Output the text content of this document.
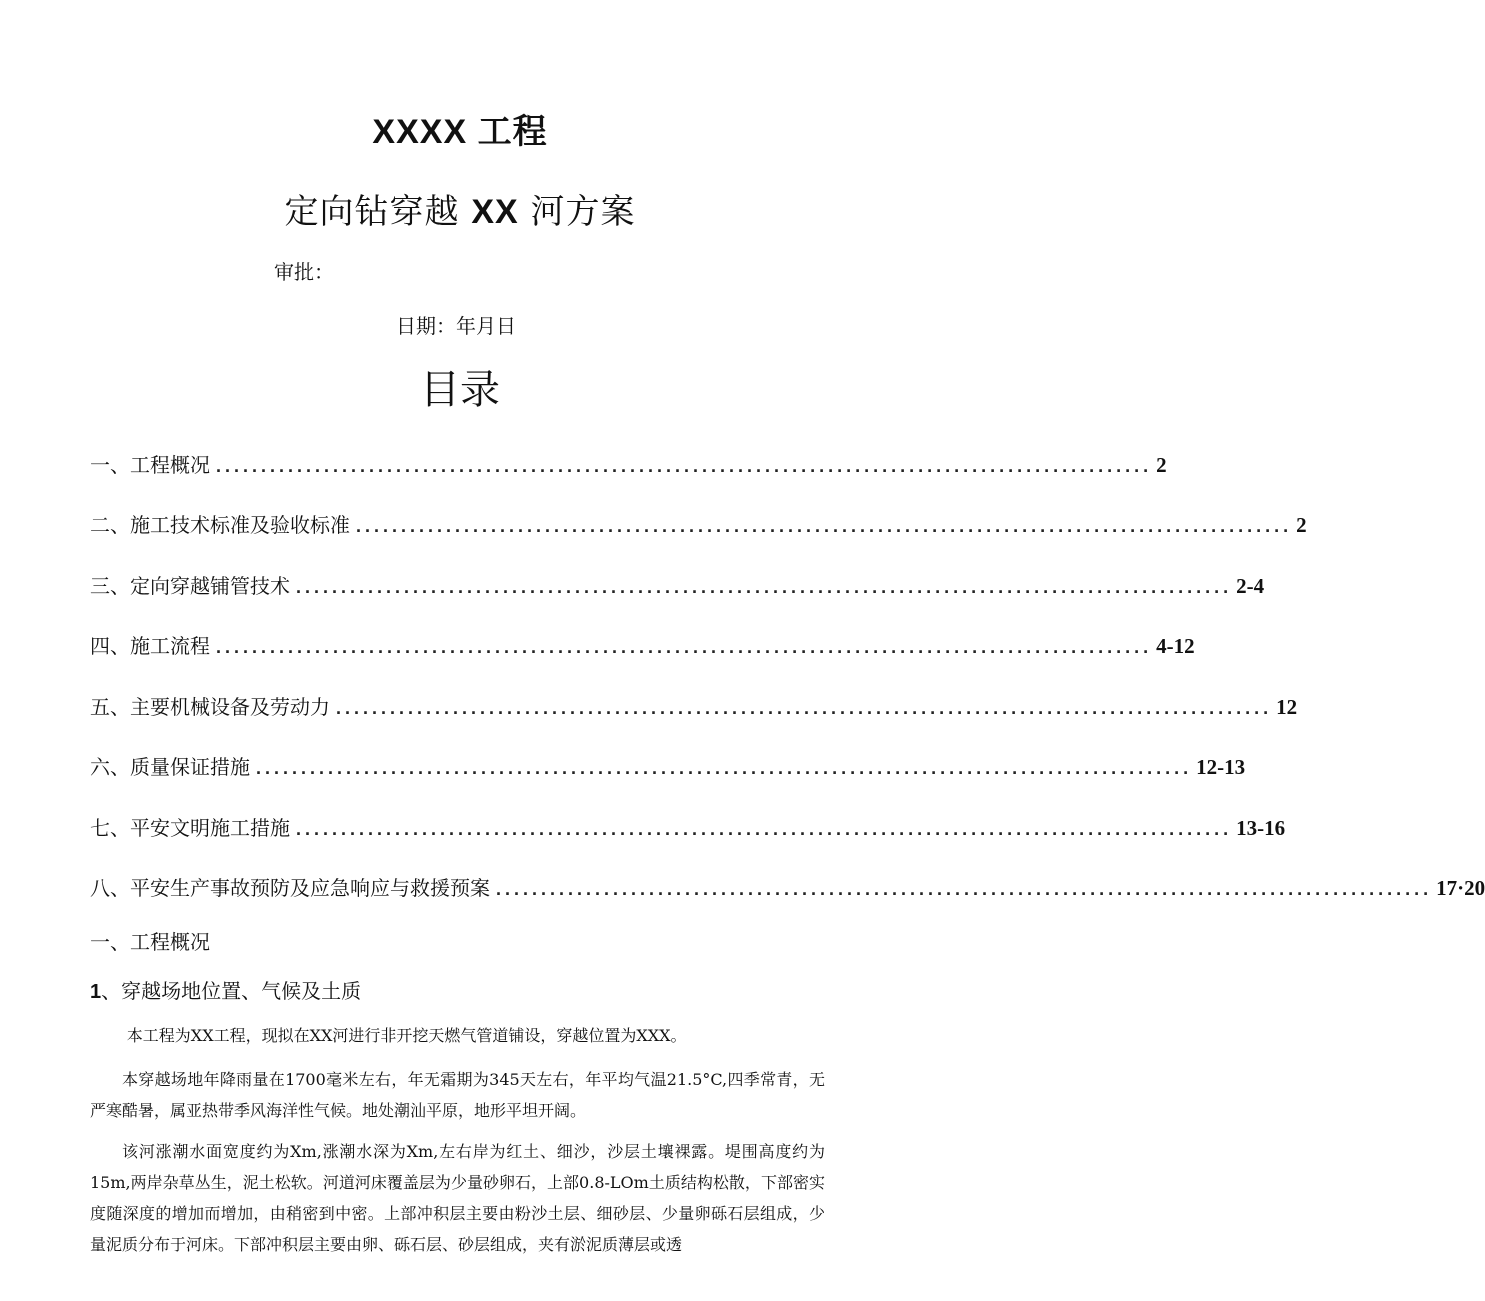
XXXX 工程
定向钻穿越 XX 河方案
审批：
日期：年月日
目录
一、工程概况 ........................................................................................................ 2
二、施工技术标准及验收标准 ........................................................................................................ 2
三、定向穿越铺管技术 ........................................................................................................ 2-4
四、施工流程 ........................................................................................................ 4-12
五、主要机械设备及劳动力 ........................................................................................................ 12
六、质量保证措施 ........................................................................................................ 12-13
七、平安文明施工措施 ........................................................................................................ 13-16
八、平安生产事故预防及应急响应与救援预案 ........................................................................................................ 17·20
一、工程概况
1、穿越场地位置、气候及土质
本工程为XX工程，现拟在XX河进行非开挖天燃气管道铺设，穿越位置为XXX。
本穿越场地年降雨量在1700毫米左右，年无霜期为345天左右，年平均气温21.5°C,四季常青，无严寒酷暑，属亚热带季风海洋性气候。地处潮汕平原，地形平坦开阔。
该河涨潮水面宽度约为Xm,涨潮水深为Xm,左右岸为红土、细沙，沙层土壤裸露。堤围高度约为15m,两岸杂草丛生，泥土松软。河道河床覆盖层为少量砂卵石，上部0.8-LOm土质结构松散，下部密实度随深度的增加而增加，由稍密到中密。上部冲积层主要由粉沙土层、细砂层、少量卵砾石层组成，少量泥质分布于河床。下部冲积层主要由卵、砾石层、砂层组成，夹有淤泥质薄层或透
